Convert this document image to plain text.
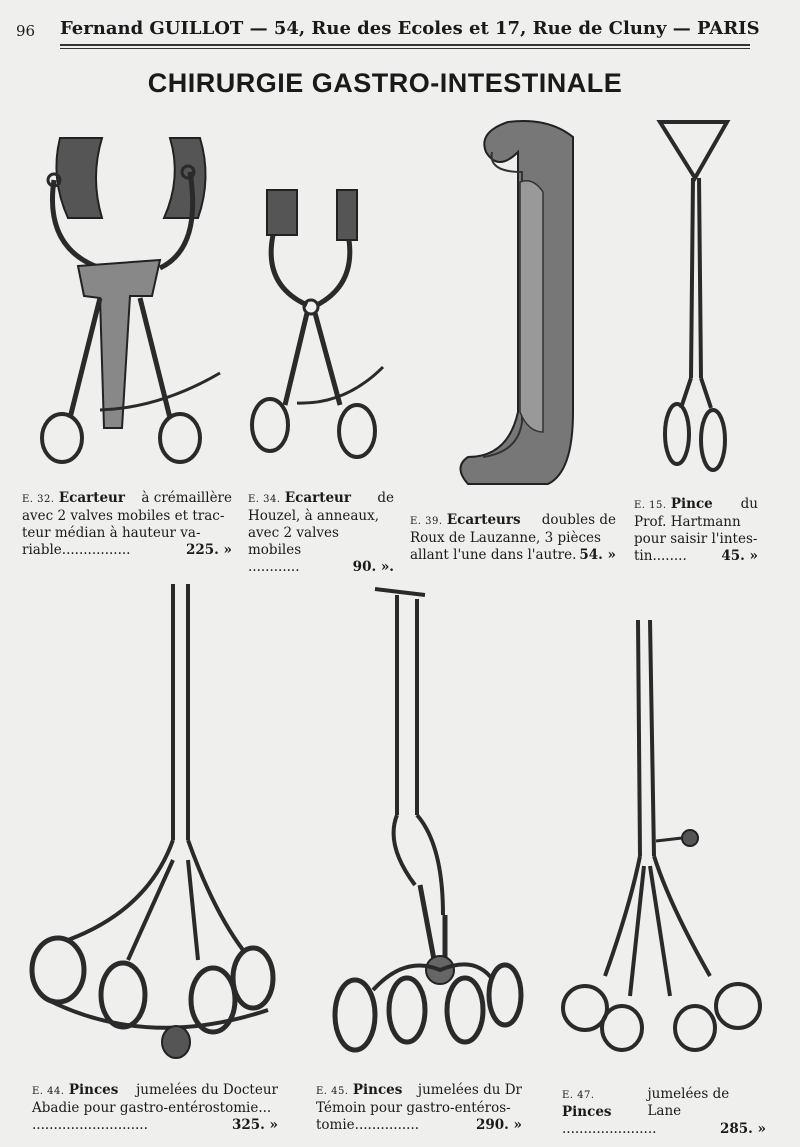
96 Fernand GUILLOT — 54, Rue des Ecoles et 17, Rue de Cluny — PARIS
CHIRURGIE GASTRO-INTESTINALE
E. 32. Ecarteur à crémaillère
avec 2 valves mobiles et trac-
teur médian à hauteur va-
riable................	225. »
E. 34. Ecarteur de
Houzel, à anneaux,
avec 2 valves mobiles
............	90. ».
E. 39. Ecarteurs doubles de
Roux de Lauzanne, 3 pièces
allant l'une dans l'autre. 54. »
E. 15. Pince du
Prof. Hartmann
pour saisir l'intes-
tin........	45. »
E. 44. Pinces jumelées du Docteur
Abadie pour gastro-entérostomie...
...........................	325. »
E. 45. Pinces jumelées du Dr
Témoin pour gastro-entéros-
tomie...............	290. »
E. 47. Pinces
jumelées de Lane
......................	285. »
